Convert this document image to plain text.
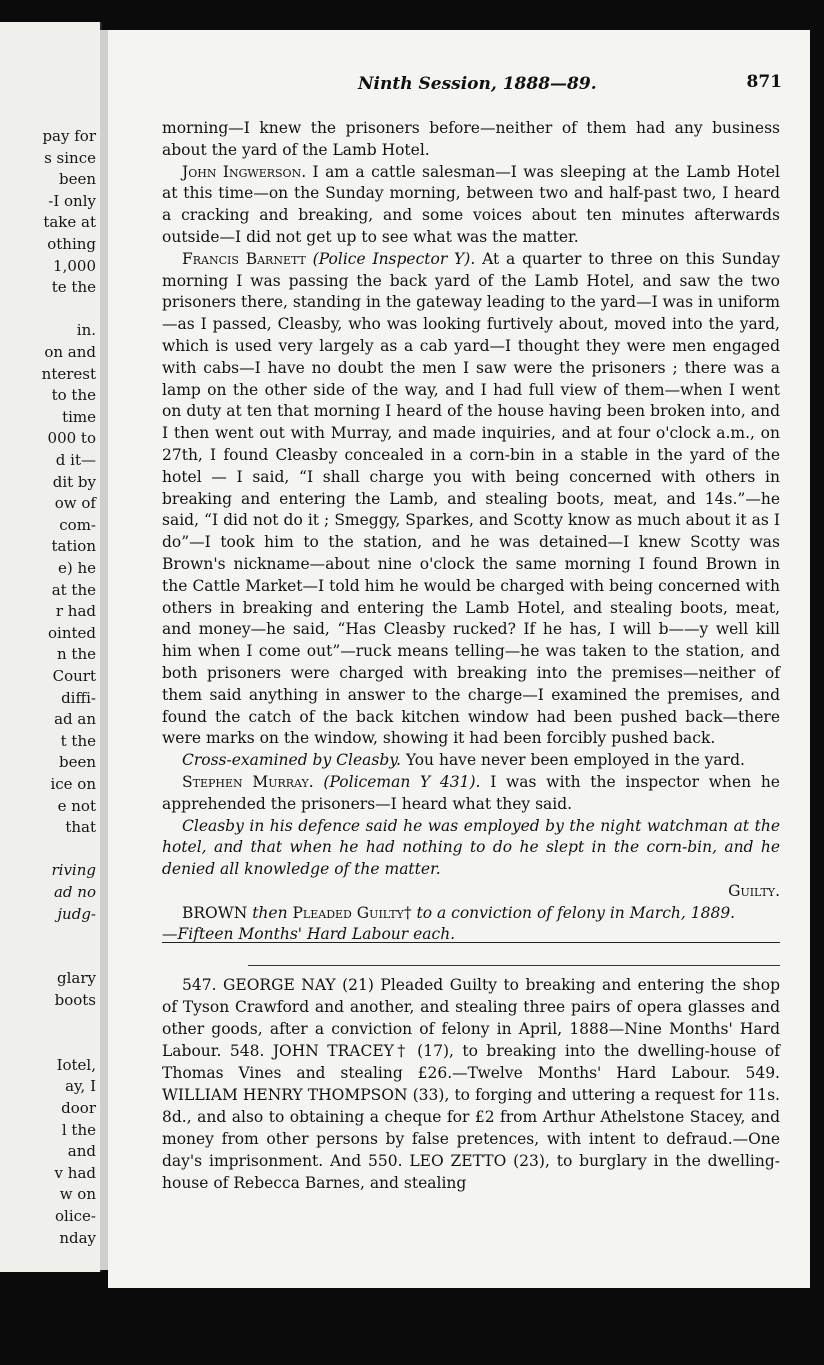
pay for
s since
been
-I only
take at
othing
1,000
te the
in.
on and
nterest
to the
time
000 to
d it—
dit by
ow of
com-
tation
e) he
at the
r had
ointed
n the
Court
diffi-
ad an
t the
been
ice on
e not
that
riving
ad no
judg-
glary
boots
Iotel,
ay, I
door
l the
and
v had
w on
olice-
nday
Ninth Session, 1888—89.	871

morning—I knew the prisoners before—neither of them had any business about the yard of the Lamb Hotel.

John Ingwerson. I am a cattle salesman—I was sleeping at the Lamb Hotel at this time—on the Sunday morning, between two and half-past two, I heard a cracking and breaking, and some voices about ten minutes afterwards outside—I did not get up to see what was the matter.

Francis Barnett (Police Inspector Y). At a quarter to three on this Sunday morning I was passing the back yard of the Lamb Hotel, and saw the two prisoners there, standing in the gateway leading to the yard—I was in uniform—as I passed, Cleasby, who was looking furtively about, moved into the yard, which is used very largely as a cab yard—I thought they were men engaged with cabs—I have no doubt the men I saw were the prisoners ; there was a lamp on the other side of the way, and I had full view of them—when I went on duty at ten that morning I heard of the house having been broken into, and I then went out with Murray, and made inquiries, and at four o'clock a.m., on 27th, I found Cleasby concealed in a corn-bin in a stable in the yard of the hotel — I said, “I shall charge you with being concerned with others in breaking and entering the Lamb, and stealing boots, meat, and 14s.”—he said, “I did not do it ; Smeggy, Sparkes, and Scotty know as much about it as I do”—I took him to the station, and he was detained—I knew Scotty was Brown's nickname—about nine o'clock the same morning I found Brown in the Cattle Market—I told him he would be charged with being concerned with others in breaking and entering the Lamb Hotel, and stealing boots, meat, and money—he said, “Has Cleasby rucked? If he has, I will b——y well kill him when I come out”—ruck means telling—he was taken to the station, and both prisoners were charged with breaking into the premises—neither of them said anything in answer to the charge—I examined the premises, and found the catch of the back kitchen window had been pushed back—there were marks on the window, showing it had been forcibly pushed back.

Cross-examined by Cleasby. You have never been employed in the yard.

Stephen Murray. (Policeman Y 431). I was with the inspector when he apprehended the prisoners—I heard what they said.

Cleasby in his defence said he was employed by the night watchman at the hotel, and that when he had nothing to do he slept in the corn-bin, and he denied all knowledge of the matter.

Guilty.

BROWN then Pleaded Guilty† to a conviction of felony in March, 1889.

—Fifteen Months' Hard Labour each.

547. GEORGE NAY (21) Pleaded Guilty to breaking and entering the shop of Tyson Crawford and another, and stealing three pairs of opera glasses and other goods, after a conviction of felony in April, 1888—Nine Months' Hard Labour. 548. JOHN TRACEY† (17), to breaking into the dwelling-house of Thomas Vines and stealing £26.—Twelve Months' Hard Labour. 549. WILLIAM HENRY THOMPSON (33), to forging and uttering a request for 11s. 8d., and also to obtaining a cheque for £2 from Arthur Athelstone Stacey, and money from other persons by false pretences, with intent to defraud.—One day's imprisonment. And 550. LEO ZETTO (23), to burglary in the dwelling-house of Rebecca Barnes, and stealing
